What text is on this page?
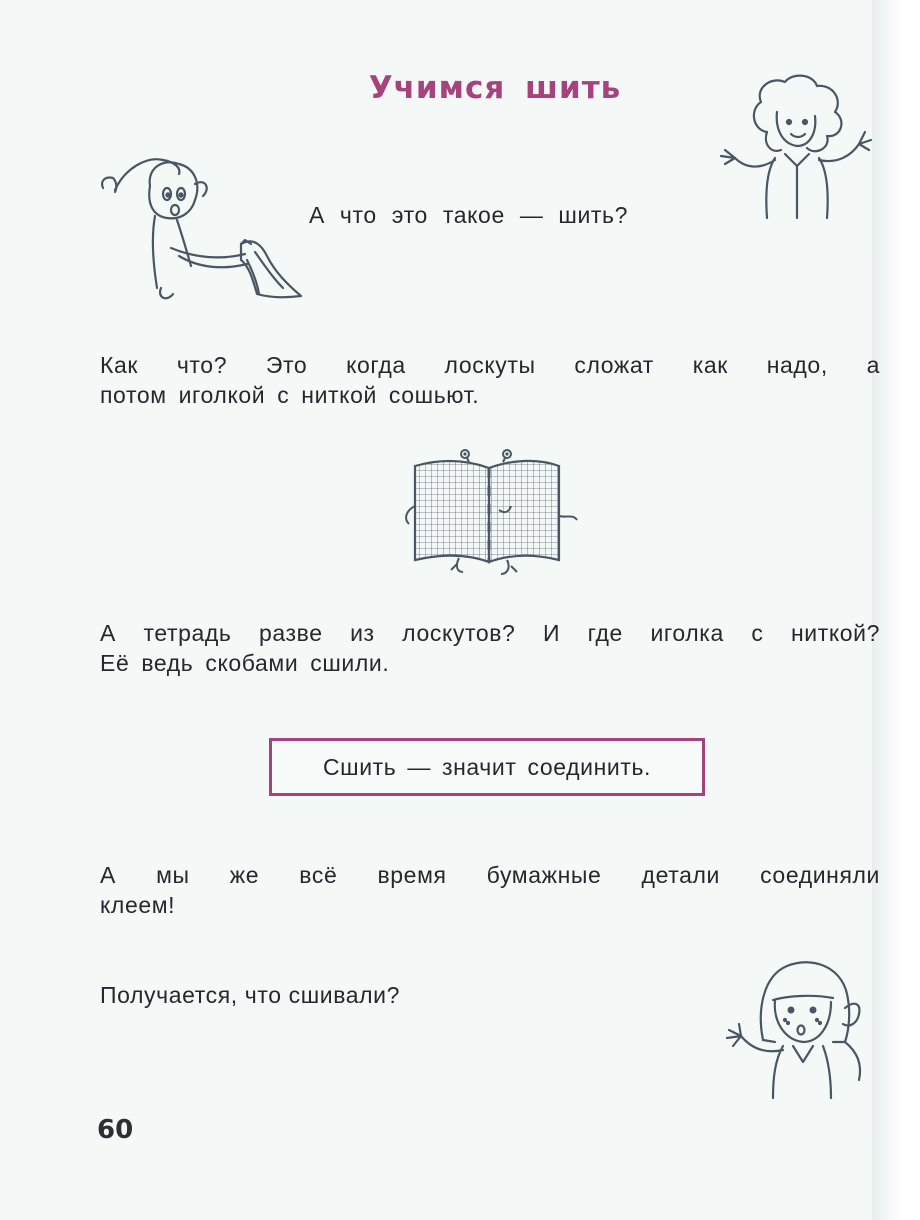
Учимся шить
А что это такое — шить?
Как что? Это когда лоскуты сложат как надо, а
потом иголкой с ниткой сошьют.
А тетрадь разве из лоскутов? И где иголка с ниткой?
Её ведь скобами сшили.
Сшить — значит соединить.
А мы же всё время бумажные детали соединяли
клеем!
Получается, что сшивали?
60
